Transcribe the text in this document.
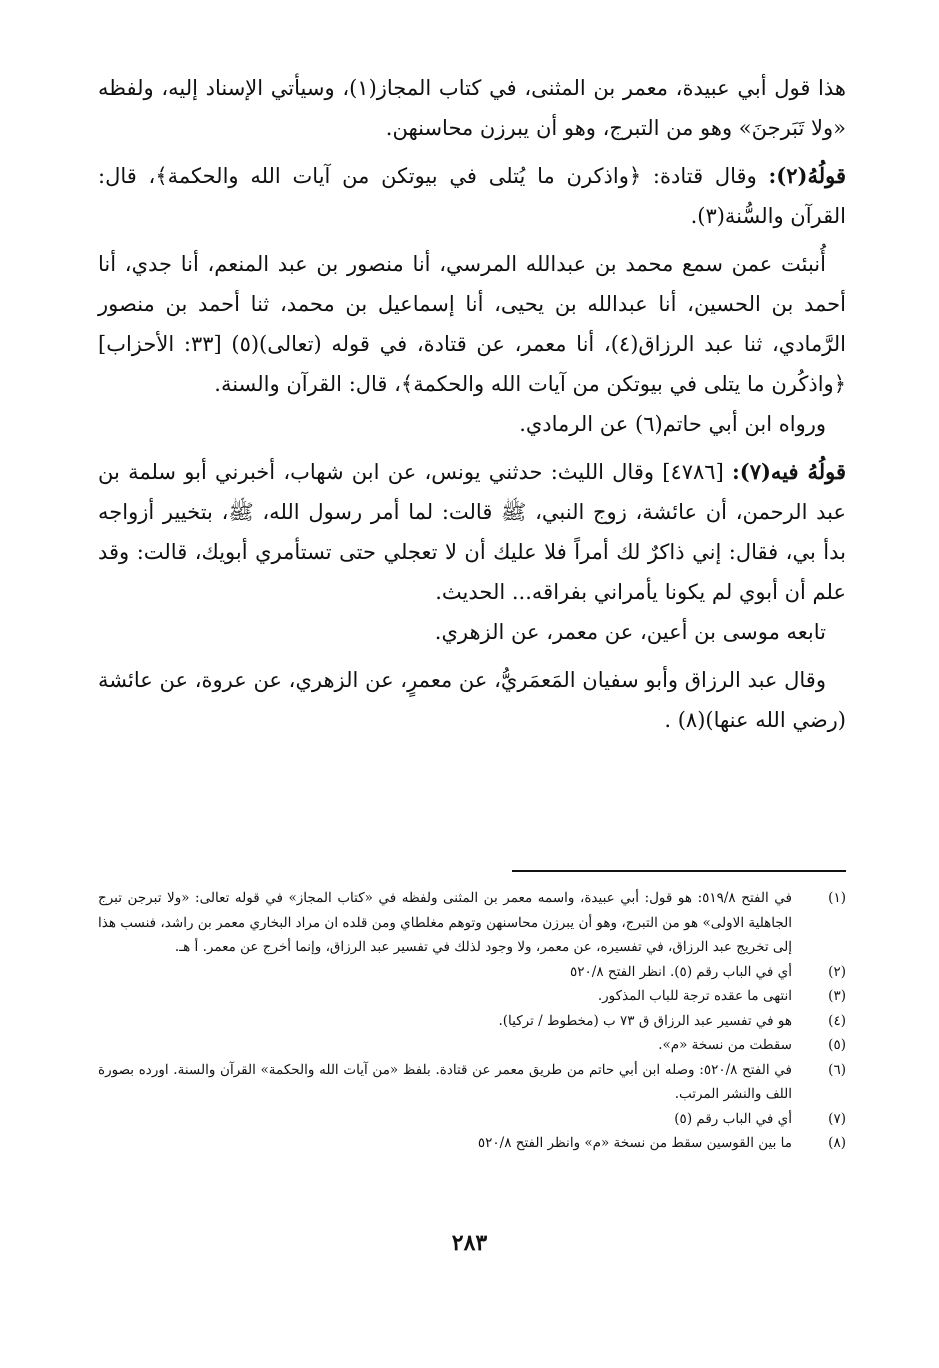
هذا قول أبي عبيدة، معمر بن المثنى، في كتاب المجاز(١)، وسيأتي الإسناد إليه، ولفظه «ولا تَبَرجنَ» وهو من التبرج، وهو أن يبرزن محاسنهن.

قولُهُ(٢): وقال قتادة: ﴿واذكرن ما يُتلى في بيوتكن من آيات الله والحكمة﴾، قال: القرآن والسُّنة(٣).

أُنبئت عمن سمع محمد بن عبدالله المرسي، أنا منصور بن عبد المنعم، أنا جدي، أنا أحمد بن الحسين، أنا عبدالله بن يحيى، أنا إسماعيل بن محمد، ثنا أحمد بن منصور الرَّمادي، ثنا عبد الرزاق(٤)، أنا معمر، عن قتادة، في قوله (تعالى)(٥) [٣٣: الأحزاب] ﴿واذكُرن ما يتلى في بيوتكن من آيات الله والحكمة﴾، قال: القرآن والسنة.

ورواه ابن أبي حاتم(٦) عن الرمادي.

قولُهُ فيه(٧): [٤٧٨٦] وقال الليث: حدثني يونس، عن ابن شهاب، أخبرني أبو سلمة بن عبد الرحمن، أن عائشة، زوج النبي، ﷺ قالت: لما أمر رسول الله، ﷺ، بتخيير أزواجه بدأ بي، فقال: إني ذاكرٌ لك أمراً فلا عليك أن لا تعجلي حتى تستأمري أبويك، قالت: وقد علم أن أبوي لم يكونا يأمراني بفراقه... الحديث.

تابعه موسى بن أعين، عن معمر، عن الزهري.

وقال عبد الرزاق وأبو سفيان المَعمَريُّ، عن معمرٍ، عن الزهري، عن عروة، عن عائشة (رضي الله عنها)(٨) .

(١)
في الفتح ٥١٩/٨: هو قول: أبي عبيدة، واسمه معمر بن المثنى ولفظه في «كتاب المجاز» في قوله تعالى: «ولا تبرجن تبرج الجاهلية الاولى» هو من التبرج، وهو أن يبرزن محاسنهن وتوهم مغلطاي ومن قلده ان مراد البخاري معمر بن راشد، فنسب هذا إلى تخريج عبد الرزاق، في تفسيره، عن معمر، ولا وجود لذلك في تفسير عبد الرزاق، وإنما أخرج عن معمر. أ هـ.
(٢)
أي في الباب رقم (٥). انظر الفتح ٥٢٠/٨
(٣)
انتهى ما عقده ترجة للباب المذكور.
(٤)
هو في تفسير عبد الرزاق ق ٧٣ ب (مخطوط / تركيا).
(٥)
سقطت من نسخة «م».
(٦)
في الفتح ٥٢٠/٨: وصله ابن أبي حاتم من طريق معمر عن قتادة. بلفظ «من آيات الله والحكمة» القرآن والسنة. اورده بصورة اللف والنشر المرتب.
(٧)
أي في الباب رقم (٥)
(٨)
ما بين القوسين سقط من نسخة «م» وانظر الفتح ٥٢٠/٨
٢٨٣
